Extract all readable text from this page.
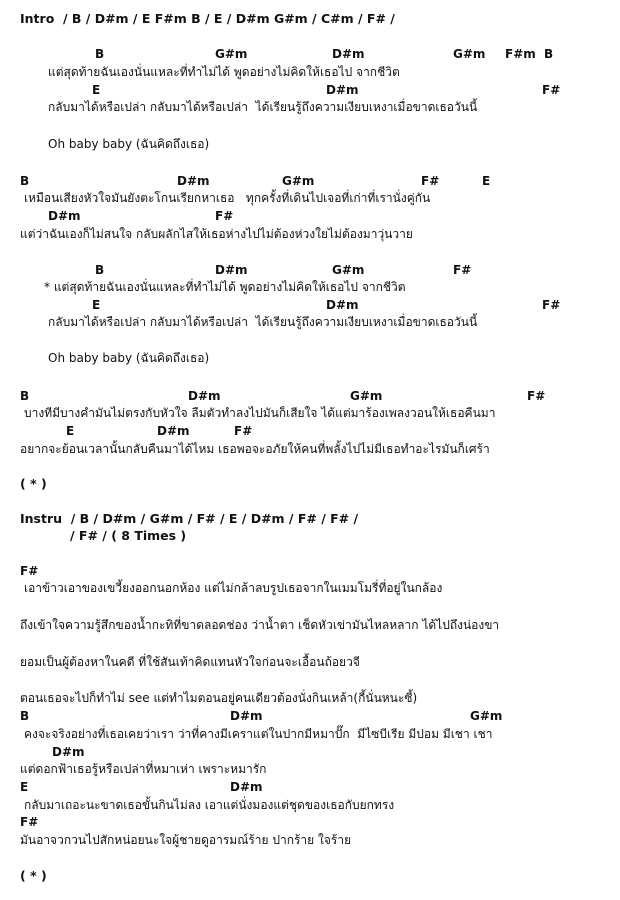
Intro  / B / D#m / E F#m B / E / D#m G#m / C#m / F# /
B	G#m	D#m	G#m F#m B
แต่สุดท้ายฉันเองนั่นแหละที่ทำไม่ได้ พูดอย่างไม่คิดให้เธอไป จากชีวิต
E	D#m	F#
กลับมาได้หรือเปล่า กลับมาได้หรือเปล่า  ได้เรียนรู้ถึงความเงียบเหงาเมื่อขาดเธอวันนี้
Oh baby baby (ฉันคิดถึงเธอ)
B	D#m	G#m	F#	E
เหมือนเสียงหัวใจมันยังตะโกนเรียกหาเธอ   ทุกครั้งที่เดินไปเจอที่เก่าที่เรานั่งคู่กัน
D#m	F#
แต่ว่าฉันเองก็ไม่สนใจ กลับผลักไสให้เธอห่างไปไม่ต้องห่วงใยไม่ต้องมาวุ่นวาย
B	D#m	G#m	F#
* แต่สุดท้ายฉันเองนั่นแหละที่ทำไม่ได้ พูดอย่างไม่คิดให้เธอไป จากชีวิต
E	D#m	F#
กลับมาได้หรือเปล่า กลับมาได้หรือเปล่า  ได้เรียนรู้ถึงความเงียบเหงาเมื่อขาดเธอวันนี้
Oh baby baby (ฉันคิดถึงเธอ)
B	D#m	G#m	F#
บางทีมีบางคำมันไม่ตรงกับหัวใจ ลืมตัวทำลงไปมันก็เสียใจ ได้แต่มาร้องเพลงวอนให้เธอคืนมา
E	D#m	F#
อยากจะย้อนเวลานั้นกลับคืนมาได้ไหม เธอพอจะอภัยให้คนที่พลั้งไปไม่มีเธอทำอะไรมันก็เศร้า
( * )
Instru  / B / D#m / G#m / F# / E / D#m / F# / F# /
/ F# / ( 8 Times )
F#
เอาข้าวเอาของเขวี้ยงออกนอกห้อง แต่ไม่กล้าลบรูปเธอจากในเมมโมรี่ที่อยู่ในกล้อง
ถึงเข้าใจความรู้สึกของน้ำกะทิที่ขาดลอดช่อง ว่าน้ำตา เช็ดหัวเข่ามันไหลหลาก ได้ไปถึงน่องขา
ยอมเป็นผู้ต้องหาในคดี ที่ใช้สันเท้าคิดแทนหัวใจก่อนจะเอื้อนถ้อยวจี
ตอนเธอจะไปก็ทำไม่ see แต่ทำไมตอนอยู่คนเดียวต้องนั่งกินเหล้า(กี้นั่นหนะซี้)
B	D#m	G#m
คงจะจริงอย่างที่เธอเคยว่าเรา ว่าที่คางมีเคราแต่ในปากมีหมาปั๊ก  มีไซบีเรีย มีปอม มีเชา เชา
D#m
แต่ดอกฟ้าเธอรู้หรือเปล่าที่หมาเห่า เพราะหมารัก
E	D#m
กลับมาเถอะนะขาดเธอขั้นกินไม่ลง เอาแต่นั่งมองแต่ชุดของเธอกับยกทรง
F#
มันอาจวกวนไปสักหน่อยนะใจผู้ชายดูอารมณ์ร้าย ปากร้าย ใจร้าย
( * )
